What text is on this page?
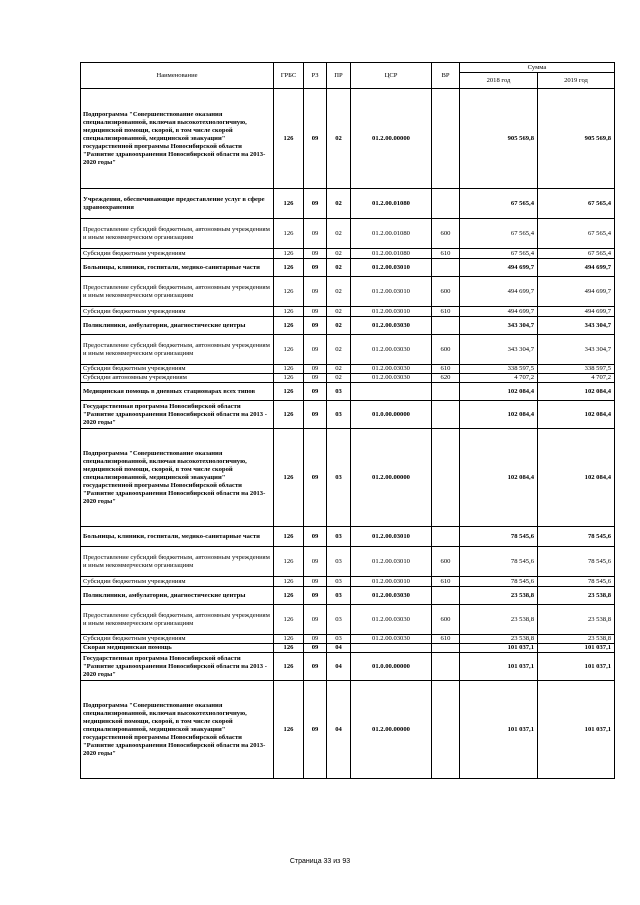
Наименование	ГРБС	РЗ	ПР	ЦСР	ВР	Сумма	
						2018 год	2019 год
Подпрограмма "Совершенствование оказания специализированной, включая высокотехнологичную, медицинской помощи, скорой, в том числе скорой специализированной, медицинской эвакуации" государственной программы Новосибирской области "Развитие здравоохранения Новосибирской области на 2013-2020 годы"	126	09	02	01.2.00.00000		905 569,8	905 569,8
Учреждения, обеспечивающие предоставление услуг в сфере здравоохранения	126	09	02	01.2.00.01080		67 565,4	67 565,4
Предоставление субсидий бюджетным, автономным учреждениям и иным некоммерческим организациям	126	09	02	01.2.00.01080	600	67 565,4	67 565,4
Субсидии бюджетным учреждениям	126	09	02	01.2.00.01080	610	67 565,4	67 565,4
Больницы, клиники, госпитали, медико-санитарные части	126	09	02	01.2.00.03010		494 699,7	494 699,7
Предоставление субсидий бюджетным, автономным учреждениям и иным некоммерческим организациям	126	09	02	01.2.00.03010	600	494 699,7	494 699,7
Субсидии бюджетным учреждениям	126	09	02	01.2.00.03010	610	494 699,7	494 699,7
Поликлиники, амбулатории, диагностические центры	126	09	02	01.2.00.03030		343 304,7	343 304,7
Предоставление субсидий бюджетным, автономным учреждениям и иным некоммерческим организациям	126	09	02	01.2.00.03030	600	343 304,7	343 304,7
Субсидии бюджетным учреждениям	126	09	02	01.2.00.03030	610	338 597,5	338 597,5
Субсидии автономным учреждениям	126	09	02	01.2.00.03030	620	4 707,2	4 707,2
Медицинская помощь в дневных стационарах всех типов	126	09	03			102 084,4	102 084,4
Государственная программа Новосибирской области "Развитие здравоохранения Новосибирской области на 2013 - 2020 годы"	126	09	03	01.0.00.00000		102 084,4	102 084,4
Подпрограмма "Совершенствование оказания специализированной, включая высокотехнологичную, медицинской помощи, скорой, в том числе скорой специализированной, медицинской эвакуации" государственной программы Новосибирской области "Развитие здравоохранения Новосибирской области на 2013-2020 годы"	126	09	03	01.2.00.00000		102 084,4	102 084,4
Больницы, клиники, госпитали, медико-санитарные части	126	09	03	01.2.00.03010		78 545,6	78 545,6
Предоставление субсидий бюджетным, автономным учреждениям и иным некоммерческим организациям	126	09	03	01.2.00.03010	600	78 545,6	78 545,6
Субсидии бюджетным учреждениям	126	09	03	01.2.00.03010	610	78 545,6	78 545,6
Поликлиники, амбулатории, диагностические центры	126	09	03	01.2.00.03030		23 538,8	23 538,8
Предоставление субсидий бюджетным, автономным учреждениям и иным некоммерческим организациям	126	09	03	01.2.00.03030	600	23 538,8	23 538,8
Субсидии бюджетным учреждениям	126	09	03	01.2.00.03030	610	23 538,8	23 538,8
Скорая медицинская помощь	126	09	04			101 037,1	101 037,1
Государственная программа Новосибирской области "Развитие здравоохранения Новосибирской области на 2013 - 2020 годы"	126	09	04	01.0.00.00000		101 037,1	101 037,1
Подпрограмма "Совершенствование оказания специализированной, включая высокотехнологичную, медицинской помощи, скорой, в том числе скорой специализированной, медицинской эвакуации" государственной программы Новосибирской области "Развитие здравоохранения Новосибирской области на 2013-2020 годы"	126	09	04	01.2.00.00000		101 037,1	101 037,1
Страница 33 из 93
